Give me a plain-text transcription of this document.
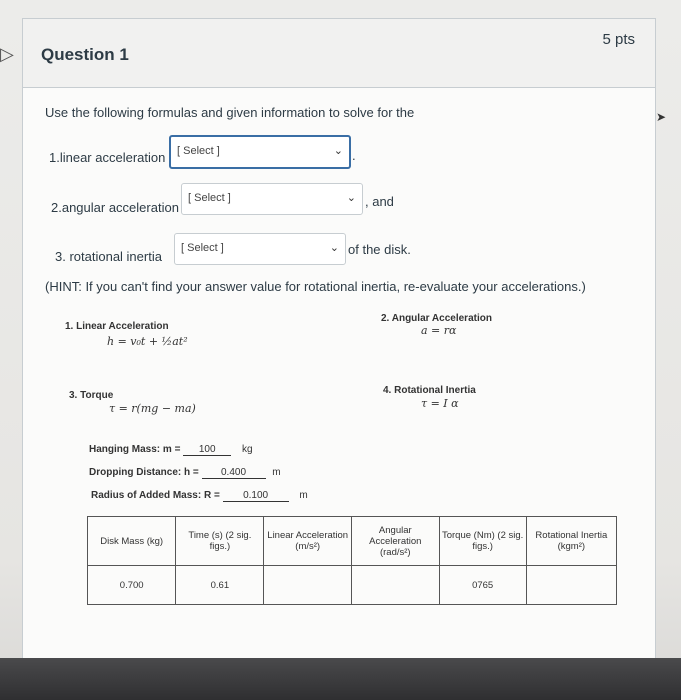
▷ Question 1
5 pts
Use the following formulas and given information to solve for the
1.linear acceleration [ Select ]	⌄ .
2.angular acceleration
[ Select ]	⌄ , and
3. rotational inertia
[ Select ]	⌄ of the disk.
(HINT: If you can't find your answer value for rotational inertia, re-evaluate your accelerations.)
1. Linear Acceleration
h = v₀t + ½at²
2. Angular Acceleration
a = rα
3. Torque
τ = r(mg − ma)
4. Rotational Inertia
τ = I α
Hanging Mass: m = 100	kg
Dropping Distance: h = 0.400	m
Radius of Added Mass: R = 0.100	m
Disk Mass (kg)	Time (s) (2 sig. figs.)	Linear Acceleration (m/s²)	Angular Acceleration (rad/s²)	Torque (Nm) (2 sig. figs.)	Rotational Inertia (kgm²)
0.700	0.61			0765	
➤
